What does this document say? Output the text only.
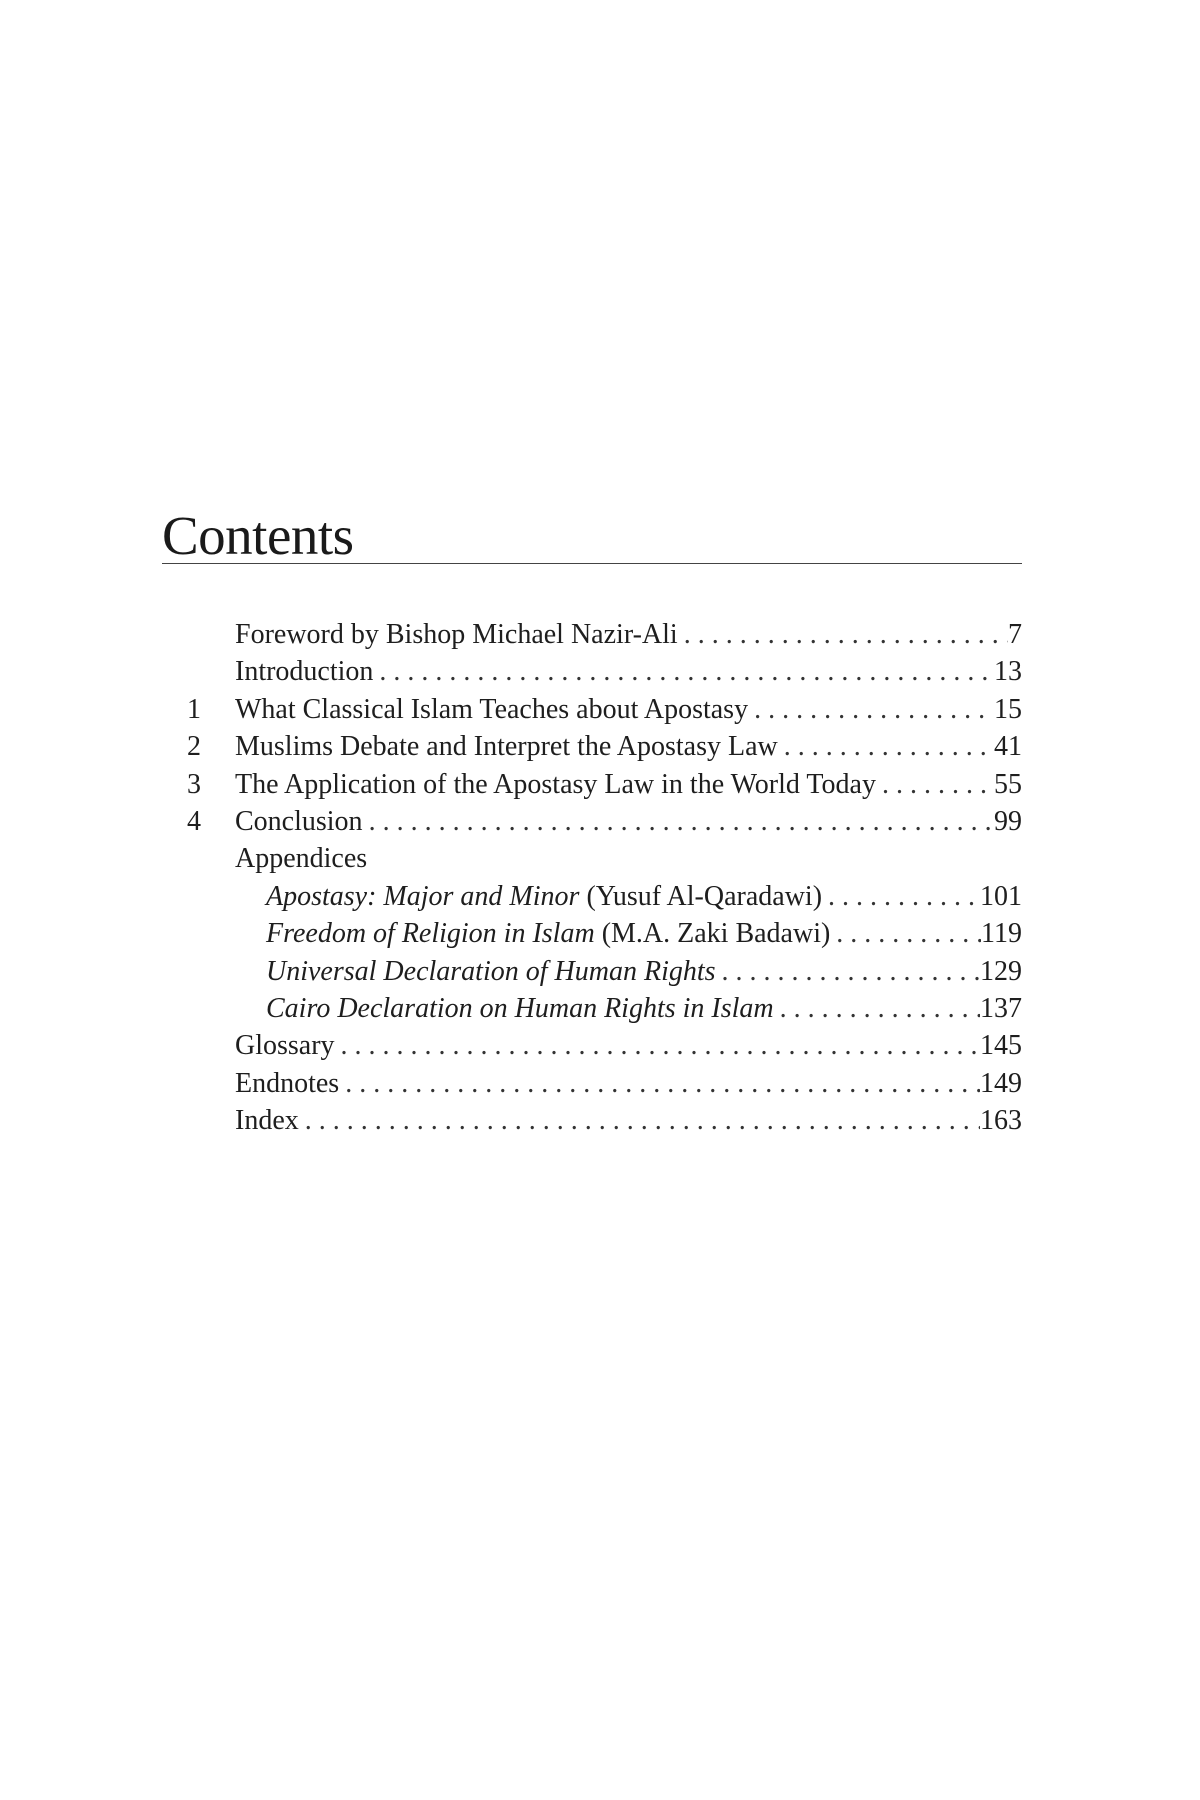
Contents
Foreword by Bishop Michael Nazir-Ali . . .	7
Introduction . . .	13
1 What Classical Islam Teaches about Apostasy . . .	15
2 Muslims Debate and Interpret the Apostasy Law . . .	41
3 The Application of the Apostasy Law in the World Today . . .	55
4 Conclusion . . .	99
Appendices
Apostasy: Major and Minor (Yusuf Al-Qaradawi) . . .	101
Freedom of Religion in Islam (M.A. Zaki Badawi) . . .	119
Universal Declaration of Human Rights . . .	129
Cairo Declaration on Human Rights in Islam . . .	137
Glossary . . .	145
Endnotes . . .	149
Index . . .	163
